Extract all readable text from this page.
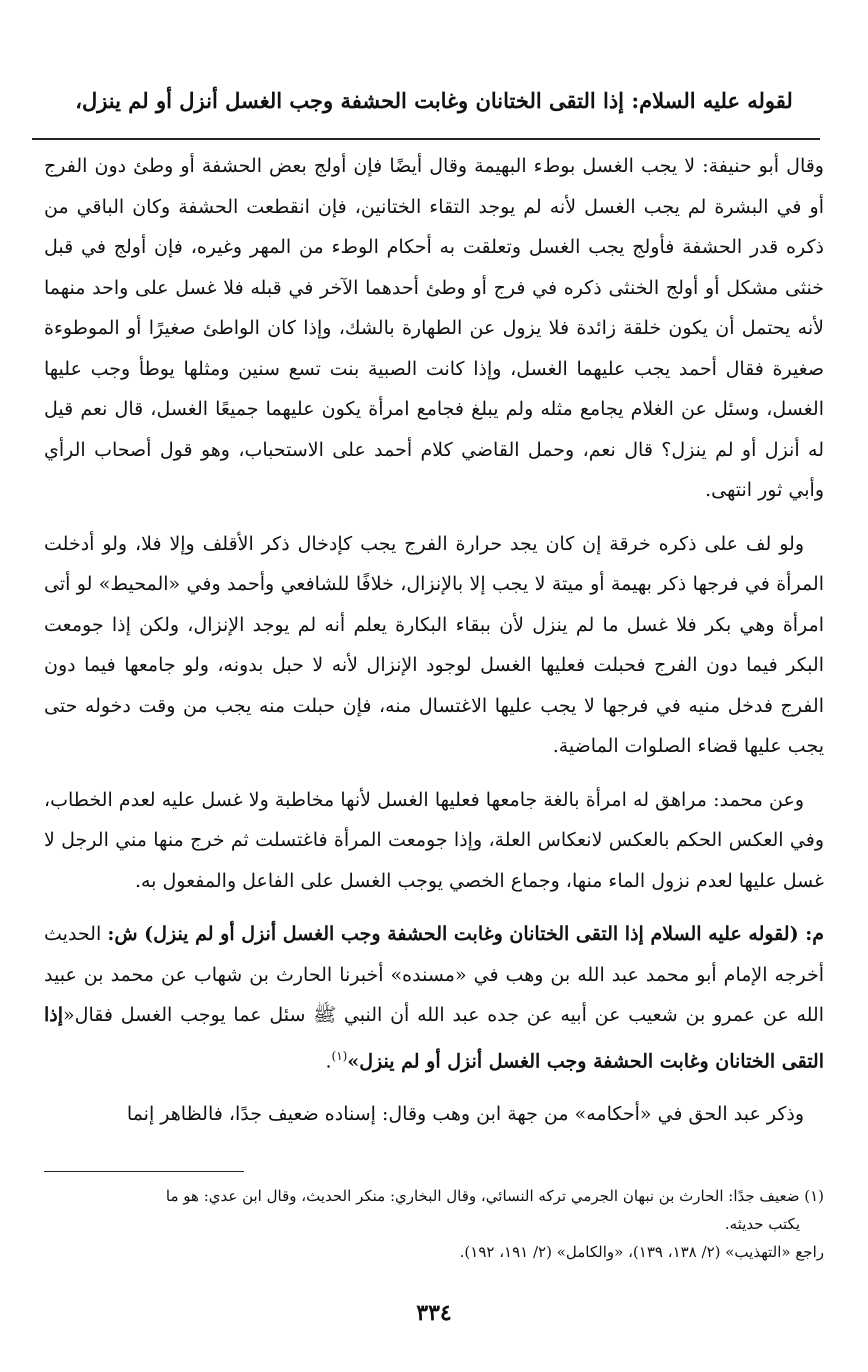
لقوله عليه السلام: إذا التقى الختانان وغابت الحشفة وجب الغسل أنزل أو لم ينزل،

وقال أبو حنيفة: لا يجب الغسل بوطء البهيمة وقال أيضًا فإن أولج بعض الحشفة أو وطئ دون الفرج أو في البشرة لم يجب الغسل لأنه لم يوجد التقاء الختانين، فإن انقطعت الحشفة وكان الباقي من ذكره قدر الحشفة فأولج يجب الغسل وتعلقت به أحكام الوطء من المهر وغيره، فإن أولج في قبل خنثى مشكل أو أولج الخنثى ذكره في فرج أو وطئ أحدهما الآخر في قبله فلا غسل على واحد منهما لأنه يحتمل أن يكون خلقة زائدة فلا يزول عن الطهارة بالشك، وإذا كان الواطئ صغيرًا أو الموطوءة صغيرة فقال أحمد يجب عليهما الغسل، وإذا كانت الصبية بنت تسع سنين ومثلها يوطأ وجب عليها الغسل، وسئل عن الغلام يجامع مثله ولم يبلغ فجامع امرأة يكون عليهما جميعًا الغسل، قال نعم قيل له أنزل أو لم ينزل؟ قال نعم، وحمل القاضي كلام أحمد على الاستحباب، وهو قول أصحاب الرأي وأبي ثور انتهى.

ولو لف على ذكره خرقة إن كان يجد حرارة الفرج يجب كإدخال ذكر الأقلف وإلا فلا، ولو أدخلت المرأة في فرجها ذكر بهيمة أو ميتة لا يجب إلا بالإنزال، خلافًا للشافعي وأحمد وفي «المحيط» لو أتى امرأة وهي بكر فلا غسل ما لم ينزل لأن ببقاء البكارة يعلم أنه لم يوجد الإنزال، ولكن إذا جومعت البكر فيما دون الفرج فحبلت فعليها الغسل لوجود الإنزال لأنه لا حبل بدونه، ولو جامعها فيما دون الفرج فدخل منيه في فرجها لا يجب عليها الاغتسال منه، فإن حبلت منه يجب من وقت دخوله حتى يجب عليها قضاء الصلوات الماضية.

وعن محمد: مراهق له امرأة بالغة جامعها فعليها الغسل لأنها مخاطبة ولا غسل عليه لعدم الخطاب، وفي العكس الحكم بالعكس لانعكاس العلة، وإذا جومعت المرأة فاغتسلت ثم خرج منها مني الرجل لا غسل عليها لعدم نزول الماء منها، وجماع الخصي يوجب الغسل على الفاعل والمفعول به.

م: (لقوله عليه السلام إذا التقى الختانان وغابت الحشفة وجب الغسل أنزل أو لم ينزل) ش: الحديث أخرجه الإمام أبو محمد عبد الله بن وهب في «مسنده» أخبرنا الحارث بن شهاب عن محمد بن عبيد الله عن عمرو بن شعيب عن أبيه عن جده عبد الله أن النبي ﷺ سئل عما يوجب الغسل فقال«إذا التقى الختانان وغابت الحشفة وجب الغسل أنزل أو لم ينزل»$^{(١)}$.

وذكر عبد الحق في «أحكامه» من جهة ابن وهب وقال: إسناده ضعيف جدًا، فالظاهر إنما

(١) ضعيف جدًا: الحارث بن نبهان الجرمي تركه النسائي، وقال البخاري: منكر الحديث، وقال ابن عدي: هو ما

يكتب حديثه.

راجع «التهذيب» (٢/ ١٣٨، ١٣٩)، «والكامل» (٢/ ١٩١، ١٩٢).

٣٣٤
